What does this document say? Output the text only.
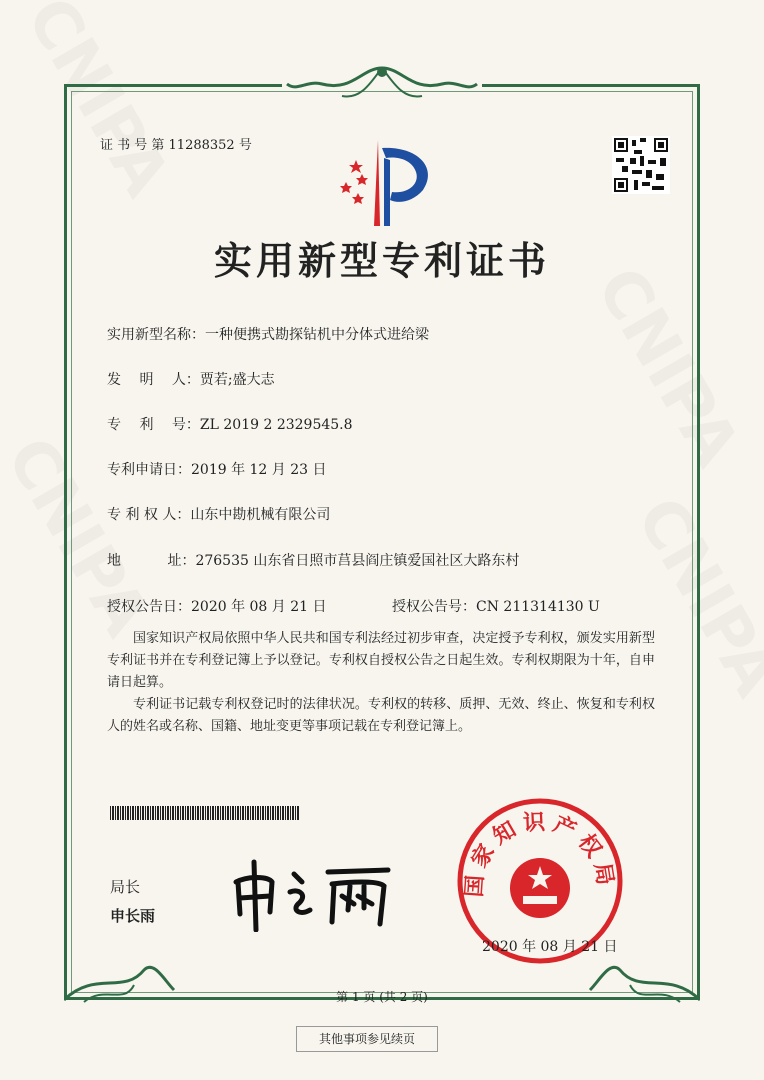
证 书 号 第 11288352 号
实用新型专利证书
实用新型名称：一种便携式勘探钻机中分体式进给梁
发　 明　 人：贾若;盛大志
专　 利　 号：ZL 2019 2 2329545.8
专利申请日：2019 年 12 月 23 日
专 利 权 人：山东中勘机械有限公司
地　　　 址：276535 山东省日照市莒县阎庄镇爱国社区大路东村
授权公告日：2020 年 08 月 21 日	授权公告号：CN 211314130 U

国家知识产权局依照中华人民共和国专利法经过初步审查，决定授予专利权，颁发实用新型专利证书并在专利登记簿上予以登记。专利权自授权公告之日起生效。专利权期限为十年，自申请日起算。

专利证书记载专利权登记时的法律状况。专利权的转移、质押、无效、终止、恢复和专利权人的姓名或名称、国籍、地址变更等事项记载在专利登记簿上。

局长
申长雨
国家知识产权局
2020 年 08 月 21 日
第 1 页 (共 2 页)
其他事项参见续页
